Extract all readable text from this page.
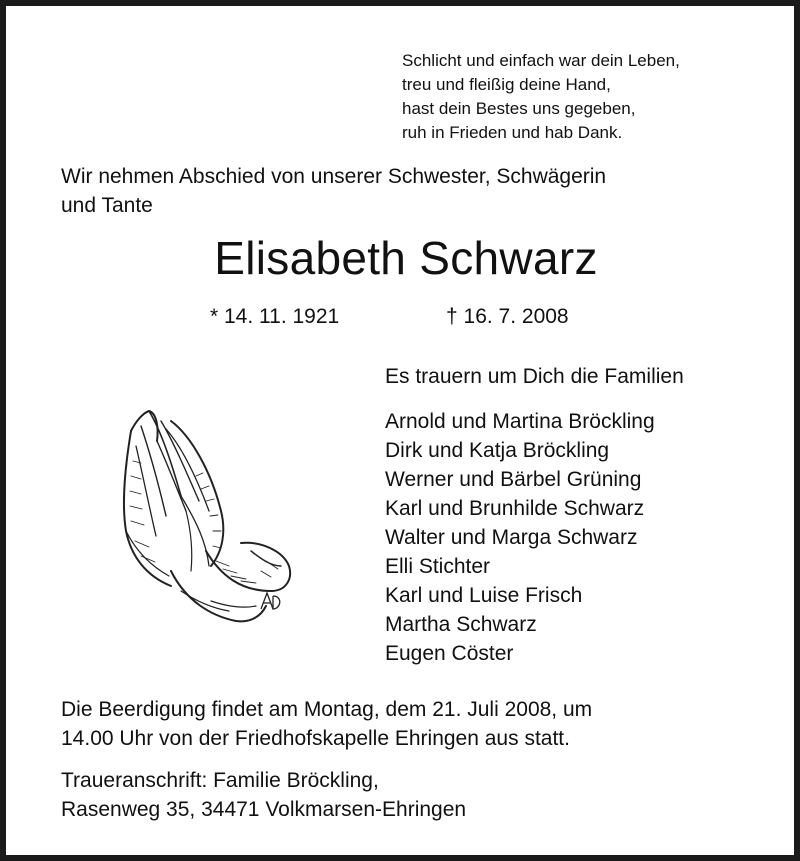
Schlicht und einfach war dein Leben,
treu und fleißig deine Hand,
hast dein Bestes uns gegeben,
ruh in Frieden und hab Dank.
Wir nehmen Abschied von unserer Schwester, Schwägerin
und Tante
Elisabeth Schwarz
* 14. 11. 1921	† 16. 7. 2008
Es trauern um Dich die Familien
Arnold und Martina Bröckling
Dirk und Katja Bröckling
Werner und Bärbel Grüning
Karl und Brunhilde Schwarz
Walter und Marga Schwarz
Elli Stichter
Karl und Luise Frisch
Martha Schwarz
Eugen Cöster
Die Beerdigung findet am Montag, dem 21. Juli 2008, um
14.00 Uhr von der Friedhofskapelle Ehringen aus statt.
Traueranschrift: Familie Bröckling,
Rasenweg 35, 34471 Volkmarsen-Ehringen
